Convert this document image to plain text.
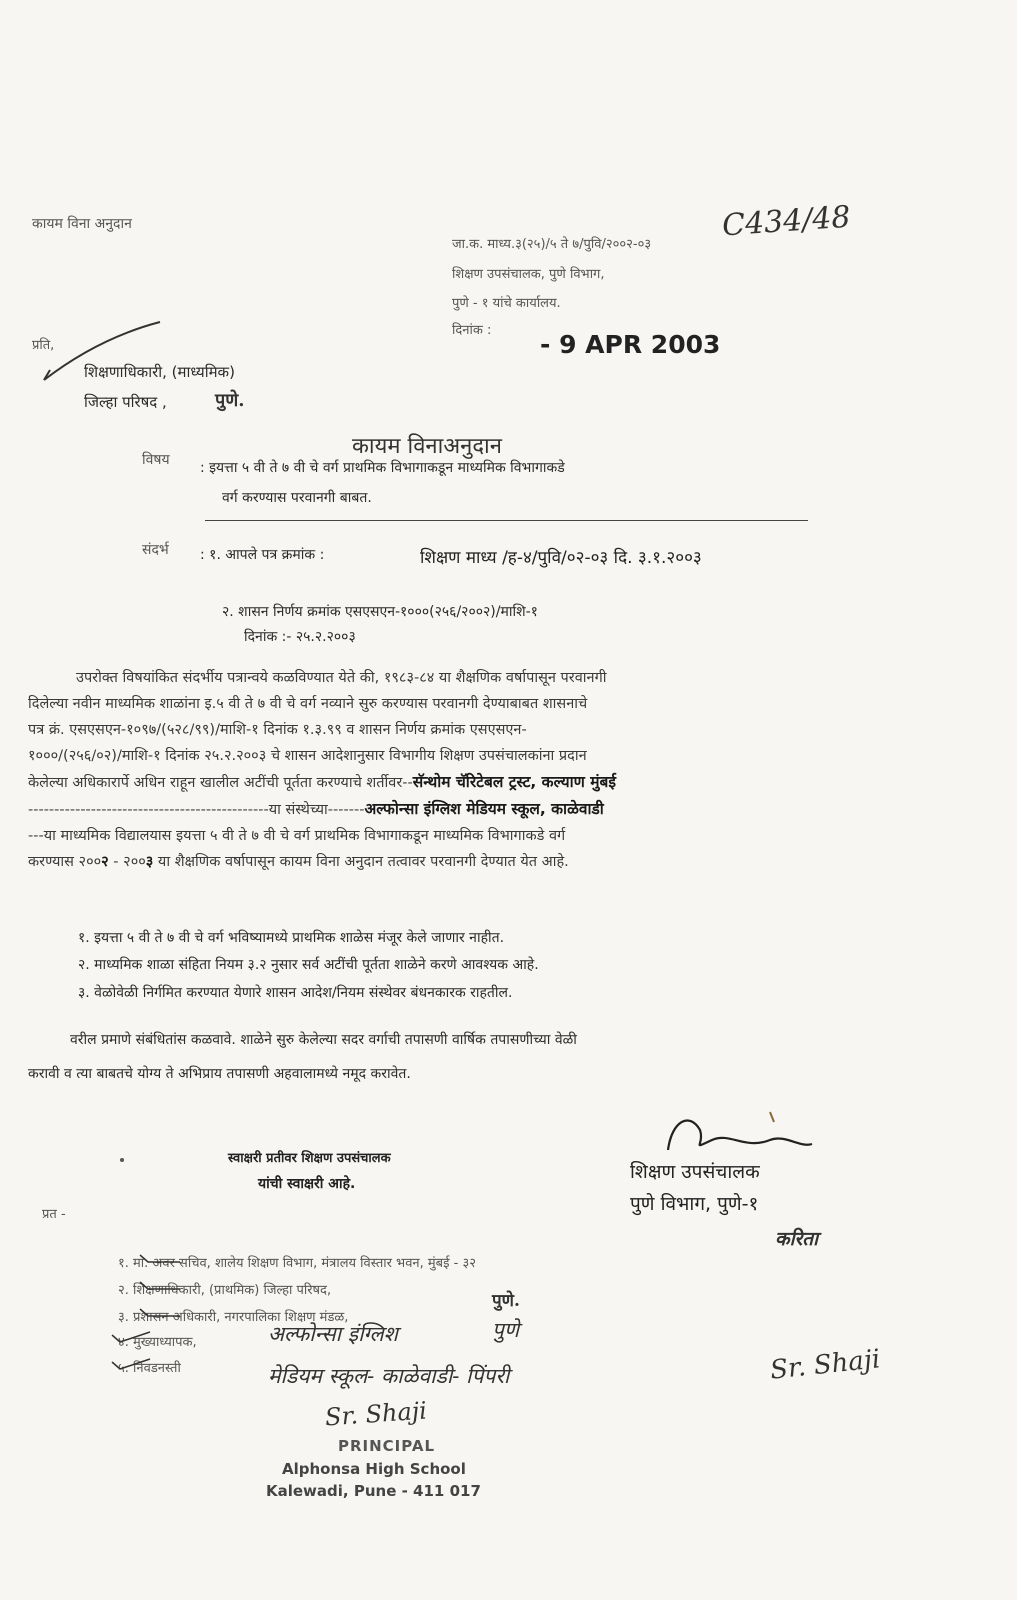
कायम विना अनुदान	C434/48
जा.क. माध्य.३(२५)/५ ते ७/पुवि/२००२-०३
शिक्षण उपसंचालक, पुणे विभाग,
पुणे - १ यांचे कार्यालय.
दिनांक : - 9 APR 2003
प्रति,
शिक्षणाधिकारी, (माध्यमिक)
जिल्हा परिषद ,	पुणे.
कायम विनाअनुदान
विषय : इयत्ता ५ वी ते ७ वी चे वर्ग प्राथमिक विभागाकडून माध्यमिक विभागाकडे
वर्ग करण्यास परवानगी बाबत.
संदर्भ : १. आपले पत्र क्रमांक :	शिक्षण माध्य /ह-४/पुवि/०२-०३ दि. ३.१.२००३
२. शासन निर्णय क्रमांक एसएसएन-१०००(२५६/२००२)/माशि-१
दिनांक :- २५.२.२००३
उपरोक्त विषयांकित संदर्भीय पत्रान्वये कळविण्यात येते की, १९८३-८४ या शैक्षणिक वर्षापासून परवानगी
दिलेल्या नवीन माध्यमिक शाळांना इ.५ वी ते ७ वी चे वर्ग नव्याने सुरु करण्यास परवानगी देण्याबाबत शासनाचे
पत्र क्रं. एसएसएन-१०९७/(५२८/९९)/माशि-१ दिनांक १.३.९९ व शासन निर्णय क्रमांक एसएसएन-
१०००/(२५६/०२)/माशि-१ दिनांक २५.२.२००३ चे शासन आदेशानुसार विभागीय शिक्षण उपसंचालकांना प्रदान
केलेल्या अधिकारार्पे अधिन राहून खालील अटींची पूर्तता करण्याचे शर्तीवर--सॅन्थोम चॅरिटेबल ट्रस्ट, कल्याण मुंबई
----------------------------------------------या संस्थेच्या-------अल्फोन्सा इंग्लिश मेडियम स्कूल, काळेवाडी
---या माध्यमिक विद्यालयास इयत्ता ५ वी ते ७ वी चे वर्ग प्राथमिक विभागाकडून माध्यमिक विभागाकडे वर्ग
करण्यास २००२ - २००३ या शैक्षणिक वर्षापासून कायम विना अनुदान तत्वावर परवानगी देण्यात येत आहे.
१. इयत्ता ५ वी ते ७ वी चे वर्ग भविष्यामध्ये प्राथमिक शाळेस मंजूर केले जाणार नाहीत.
२. माध्यमिक शाळा संहिता नियम ३.२ नुसार सर्व अटींची पूर्तता शाळेने करणे आवश्यक आहे.
३. वेळोवेळी निर्गमित करण्यात येणारे शासन आदेश/नियम संस्थेवर बंधनकारक राहतील.
वरील प्रमाणे संबंधितांस कळवावे. शाळेने सुरु केलेल्या सदर वर्गाची तपासणी वार्षिक तपासणीच्या वेळी
करावी व त्या बाबतचे योग्य ते अभिप्राय तपासणी अहवालामध्ये नमूद करावेत.
स्वाक्षरी प्रतीवर शिक्षण उपसंचालक
यांची स्वाक्षरी आहे.
शिक्षण उपसंचालक
पुणे विभाग, पुणे-१
करिता
प्रत -
१. मा. अवर सचिव, शालेय शिक्षण विभाग, मंत्रालय विस्तार भवन, मुंबई - ३२
२. शिक्षणाधिकारी, (प्राथमिक) जिल्हा परिषद,
पुणे.
३. प्रशासन अधिकारी, नगरपालिका शिक्षण मंडळ,
४. मुख्याध्यापक,	अल्फोन्सा इंग्लिश	पुणे
५. निवडनस्ती	मेडियम स्कूल- काळेवाडी- पिंपरी	Sr. Shaji
Sr. Shaji
PRINCIPAL
Alphonsa High School
Kalewadi, Pune - 411 017
